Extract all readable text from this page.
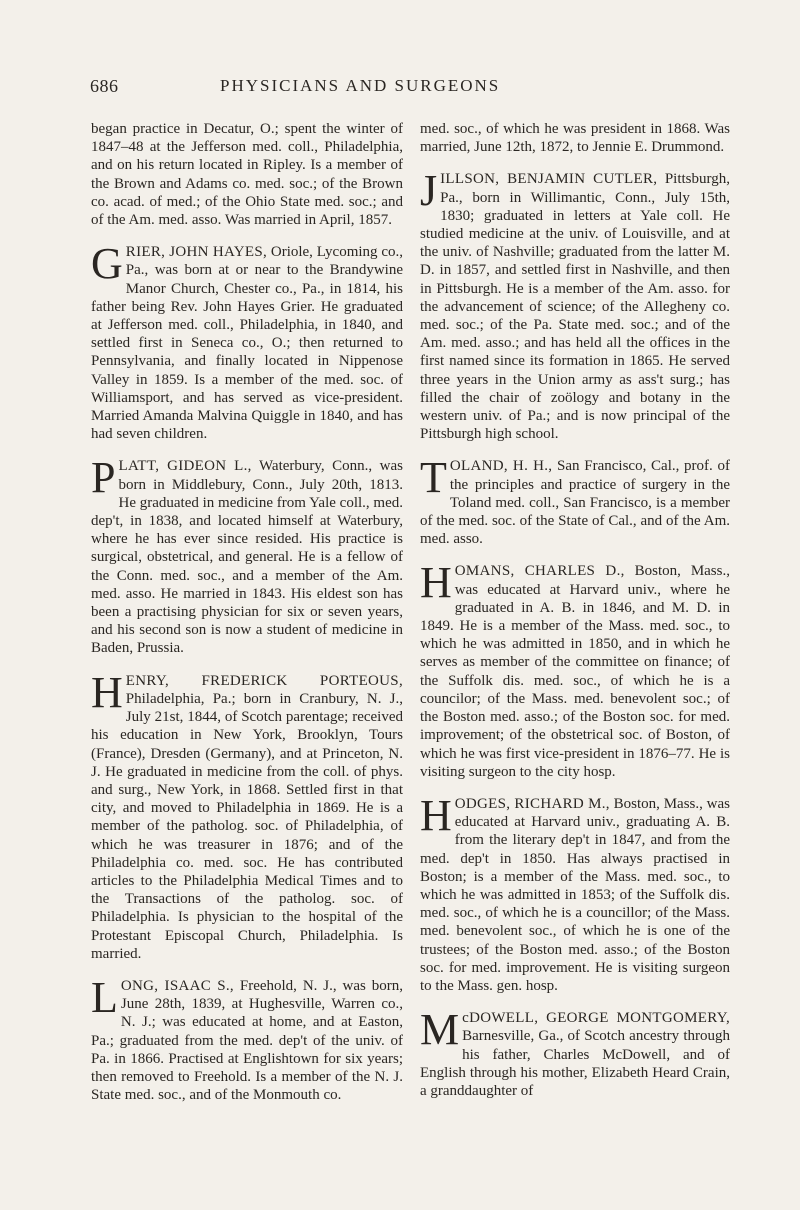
686	PHYSICIANS AND SURGEONS

began practice in Decatur, O.; spent the winter of 1847–48 at the Jefferson med. coll., Philadelphia, and on his return located in Ripley. Is a member of the Brown and Adams co. med. soc.; of the Brown co. acad. of med.; of the Ohio State med. soc.; and of the Am. med. asso. Was married in April, 1857.

GRIER, JOHN HAYES, Oriole, Lycoming co., Pa., was born at or near to the Brandywine Manor Church, Chester co., Pa., in 1814, his father being Rev. John Hayes Grier. He graduated at Jefferson med. coll., Philadelphia, in 1840, and settled first in Seneca co., O.; then returned to Pennsylvania, and finally located in Nippenose Valley in 1859. Is a member of the med. soc. of Williamsport, and has served as vice-president. Married Amanda Malvina Quiggle in 1840, and has had seven children.

PLATT, GIDEON L., Waterbury, Conn., was born in Middlebury, Conn., July 20th, 1813. He graduated in medicine from Yale coll., med. dep't, in 1838, and located himself at Waterbury, where he has ever since resided. His practice is surgical, obstetrical, and general. He is a fellow of the Conn. med. soc., and a member of the Am. med. asso. He married in 1843. His eldest son has been a practising physician for six or seven years, and his second son is now a student of medicine in Baden, Prussia.

HENRY, FREDERICK PORTEOUS, Philadelphia, Pa.; born in Cranbury, N. J., July 21st, 1844, of Scotch parentage; received his education in New York, Brooklyn, Tours (France), Dresden (Germany), and at Princeton, N. J. He graduated in medicine from the coll. of phys. and surg., New York, in 1868. Settled first in that city, and moved to Philadelphia in 1869. He is a member of the patholog. soc. of Philadelphia, of which he was treasurer in 1876; and of the Philadelphia co. med. soc. He has contributed articles to the Philadelphia Medical Times and to the Transactions of the patholog. soc. of Philadelphia. Is physician to the hospital of the Protestant Episcopal Church, Philadelphia. Is married.

LONG, ISAAC S., Freehold, N. J., was born, June 28th, 1839, at Hughesville, Warren co., N. J.; was educated at home, and at Easton, Pa.; graduated from the med. dep't of the univ. of Pa. in 1866. Practised at Englishtown for six years; then removed to Freehold. Is a member of the N. J. State med. soc., and of the Monmouth co.

med. soc., of which he was president in 1868. Was married, June 12th, 1872, to Jennie E. Drummond.

JILLSON, BENJAMIN CUTLER, Pittsburgh, Pa., born in Willimantic, Conn., July 15th, 1830; graduated in letters at Yale coll. He studied medicine at the univ. of Louisville, and at the univ. of Nashville; graduated from the latter M. D. in 1857, and settled first in Nashville, and then in Pittsburgh. He is a member of the Am. asso. for the advancement of science; of the Allegheny co. med. soc.; of the Pa. State med. soc.; and of the Am. med. asso.; and has held all the offices in the first named since its formation in 1865. He served three years in the Union army as ass't surg.; has filled the chair of zoölogy and botany in the western univ. of Pa.; and is now principal of the Pittsburgh high school.

TOLAND, H. H., San Francisco, Cal., prof. of the principles and practice of surgery in the Toland med. coll., San Francisco, is a member of the med. soc. of the State of Cal., and of the Am. med. asso.

HOMANS, CHARLES D., Boston, Mass., was educated at Harvard univ., where he graduated in A. B. in 1846, and M. D. in 1849. He is a member of the Mass. med. soc., to which he was admitted in 1850, and in which he serves as member of the committee on finance; of the Suffolk dis. med. soc., of which he is a councilor; of the Mass. med. benevolent soc.; of the Boston med. asso.; of the Boston soc. for med. improvement; of the obstetrical soc. of Boston, of which he was first vice-president in 1876–77. He is visiting surgeon to the city hosp.

HODGES, RICHARD M., Boston, Mass., was educated at Harvard univ., graduating A. B. from the literary dep't in 1847, and from the med. dep't in 1850. Has always practised in Boston; is a member of the Mass. med. soc., to which he was admitted in 1853; of the Suffolk dis. med. soc., of which he is a councillor; of the Mass. med. benevolent soc., of which he is one of the trustees; of the Boston med. asso.; of the Boston soc. for med. improvement. He is visiting surgeon to the Mass. gen. hosp.

McDOWELL, GEORGE MONTGOMERY, Barnesville, Ga., of Scotch ancestry through his father, Charles McDowell, and of English through his mother, Elizabeth Heard Crain, a granddaughter of
